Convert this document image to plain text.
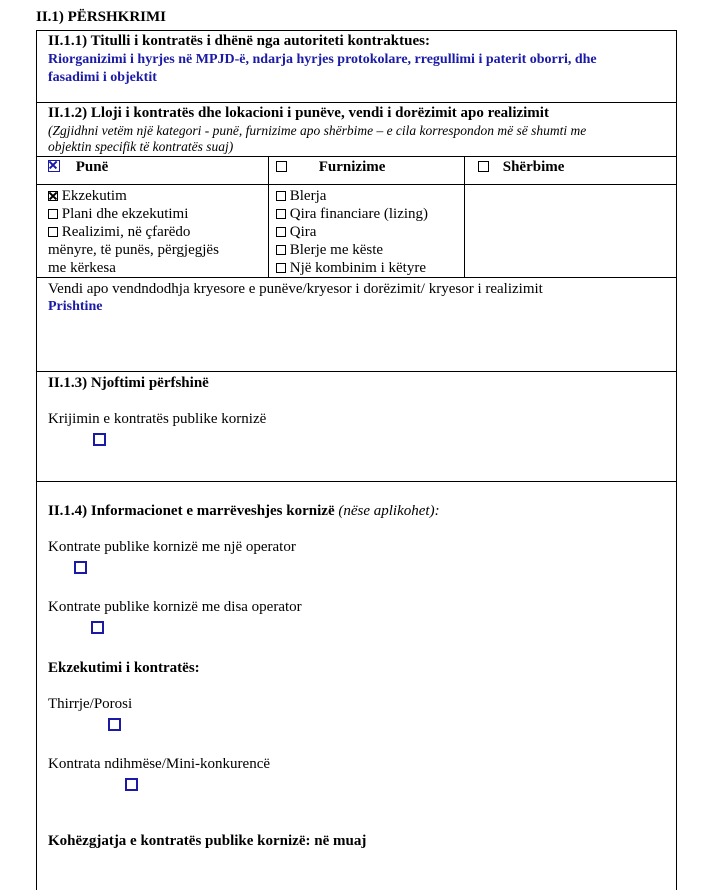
II.1) PËRSHKRIMI
II.1.1) Titulli i kontratës i dhënë nga autoriteti kontraktues:
Riorganizimi i hyrjes në MPJD-ë, ndarja hyrjes protokolare, rregullimi i paterit oborri, dhe
fasadimi i objektit
II.1.2) Lloji i kontratës dhe lokacioni i punëve, vendi i dorëzimit apo realizimit
(Zgjidhni vetëm një kategori - punë, furnizime apo shërbime – e cila korrespondon më së shumti me
objektin specifik të kontratës suaj)
Punë	Furnizime	Shërbime
Ekzekutim
Plani dhe ekzekutimi
Realizimi, në çfarëdo
mënyre, të punës, përgjegjës
me kërkesa
Blerja
Qira financiare (lizing)
Qira
Blerje me këste
Një kombinim i këtyre
Vendi apo vendndodhja kryesore e punëve/kryesor i dorëzimit/ kryesor i realizimit
Prishtine
II.1.3) Njoftimi përfshinë
Krijimin e kontratës publike kornizë

II.1.4) Informacionet e marrëveshjes kornizë (nëse aplikohet):
Kontrate publike kornizë me një operator

Kontrate publike kornizë me disa operator

Ekzekutimi i kontratës:
Thirrje/Porosi

Kontrata ndihmëse/Mini-konkurencë
Kohëzgjatja e kontratës publike kornizë: në muaj
